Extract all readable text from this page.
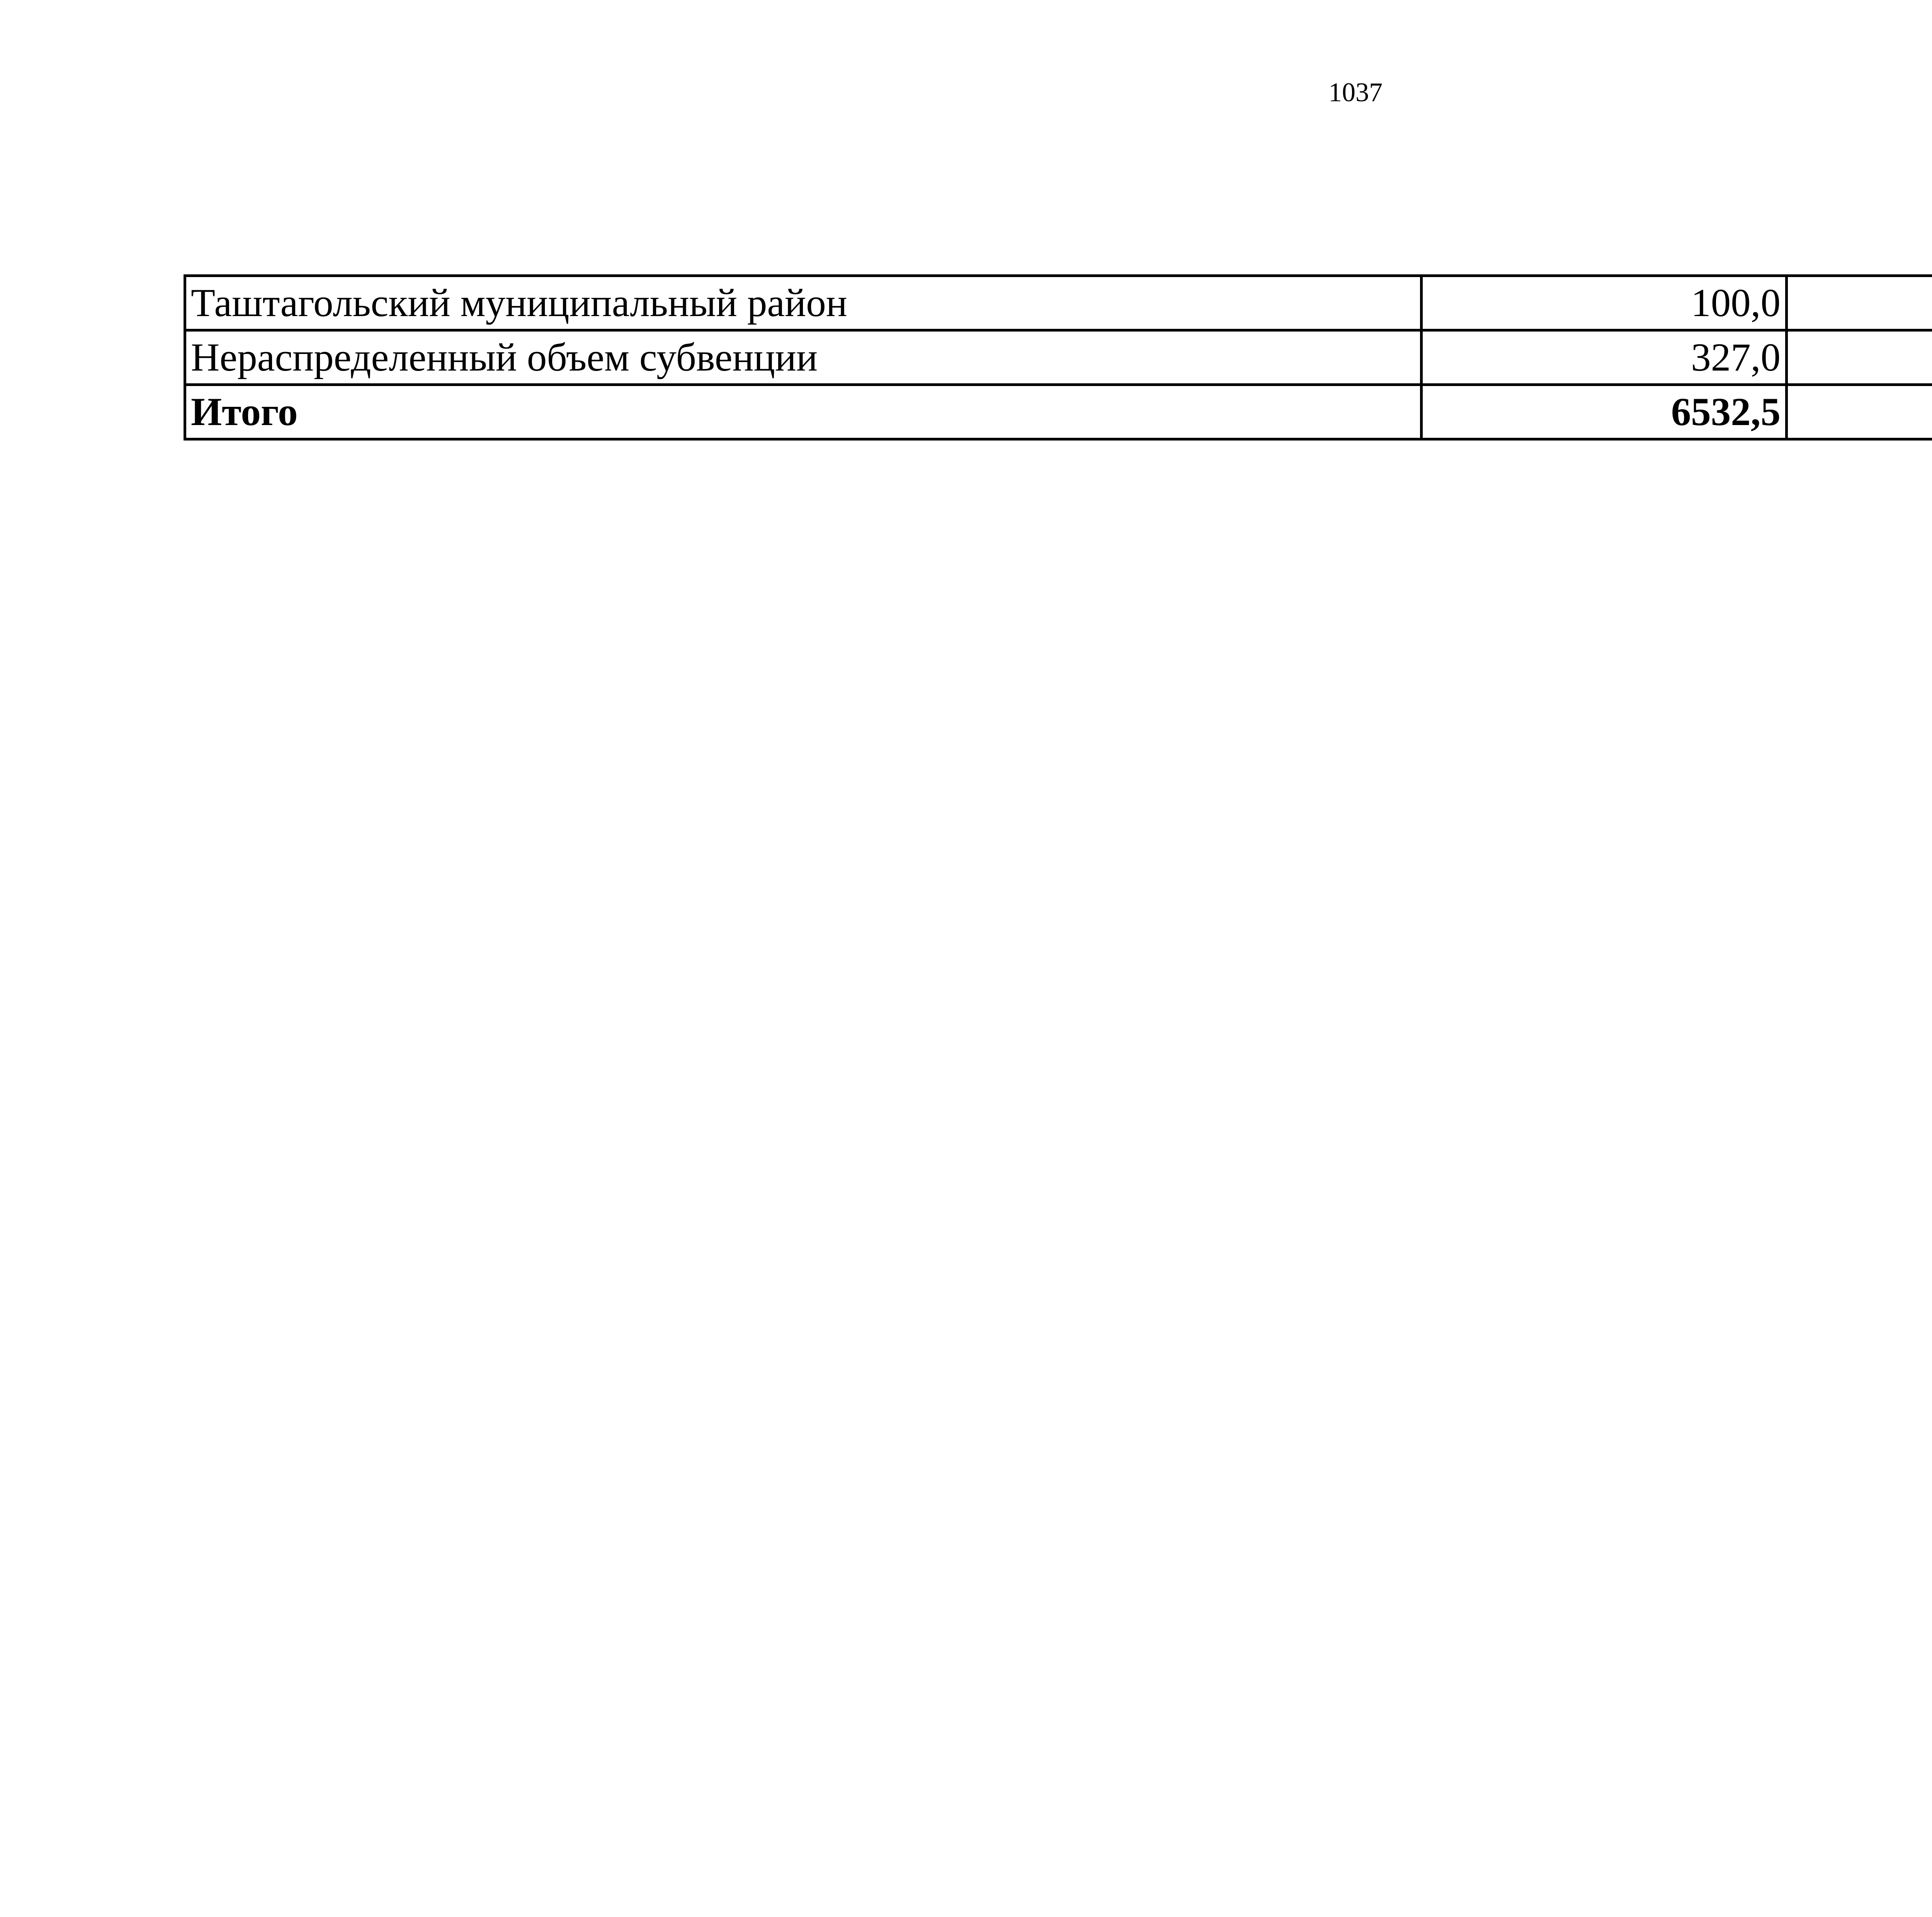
1037
Таштагольский муниципальный район	100,0		
Нераспределенный объем субвенции	327,0		
Итого	6532,5		
